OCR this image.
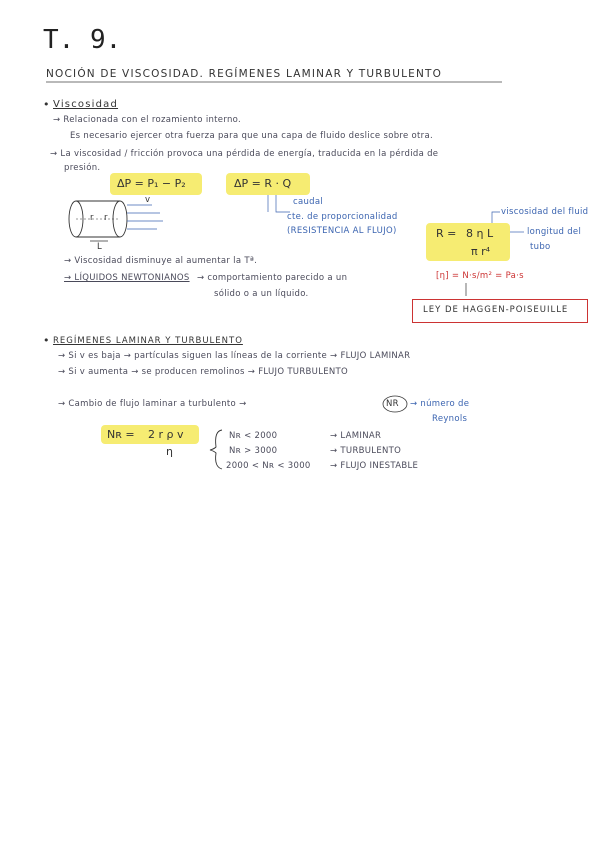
T. 9.
NOCIÓN DE VISCOSIDAD. REGÍMENES LAMINAR Y TURBULENTO
• Viscosidad
→ Relacionada con el rozamiento interno.
Es necesario ejercer otra fuerza para que una capa de fluido deslice sobre otra.
→ La viscosidad / fricción provoca una pérdida de energía, traducida en la pérdida de
presión.
ΔP = P₁ − P₂	ΔP = R · Q
caudal
cte. de proporcionalidad
(RESISTENCIA AL FLUJO)
v
r r
L
viscosidad del fluid
R = 8 η L
π r⁴
longitud del
tubo
[η] = N·s/m² = Pa·s
LEY DE HAGGEN-POISEUILLE
→ Viscosidad disminuye al aumentar la Tª.
→ LÍQUIDOS NEWTONIANOS → comportamiento parecido a un
sólido o a un líquido.
• REGÍMENES LAMINAR Y TURBULENTO
→ Si v es baja → partículas siguen las líneas de la corriente → FLUJO LAMINAR
→ Si v aumenta → se producen remolinos → FLUJO TURBULENTO
→ Cambio de flujo laminar a turbulento →	NR → número de
Reynols
Nʀ = 2 r ρ v
η
Nʀ < 2000	→ LAMINAR
Nʀ > 3000	→ TURBULENTO
2000 < Nʀ < 3000 → FLUJO INESTABLE
